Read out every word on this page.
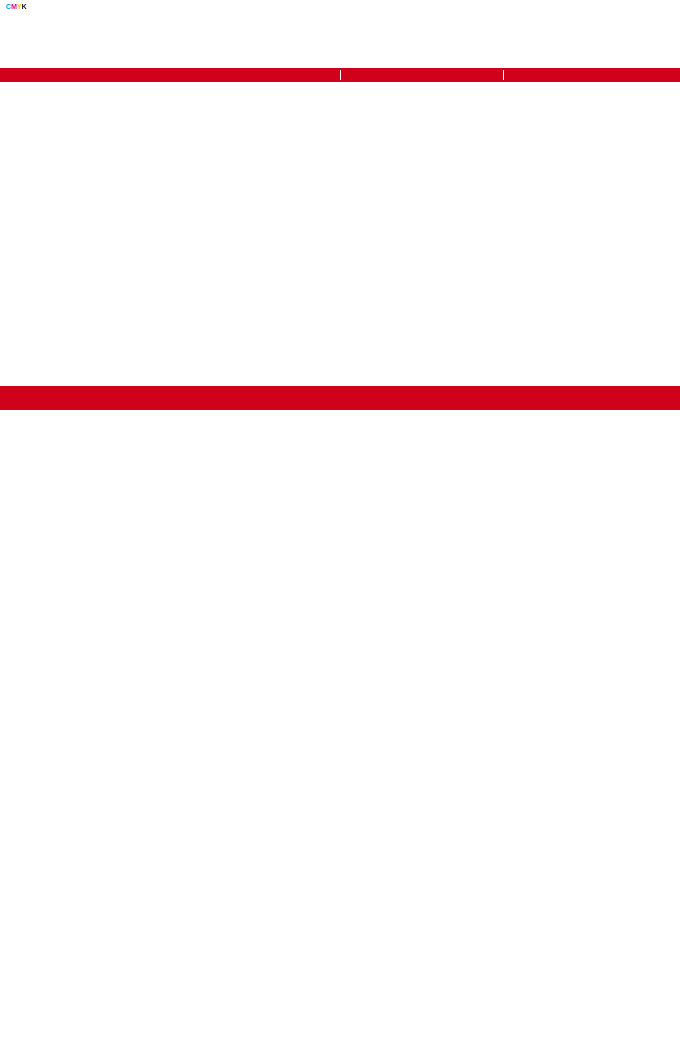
CMYK
